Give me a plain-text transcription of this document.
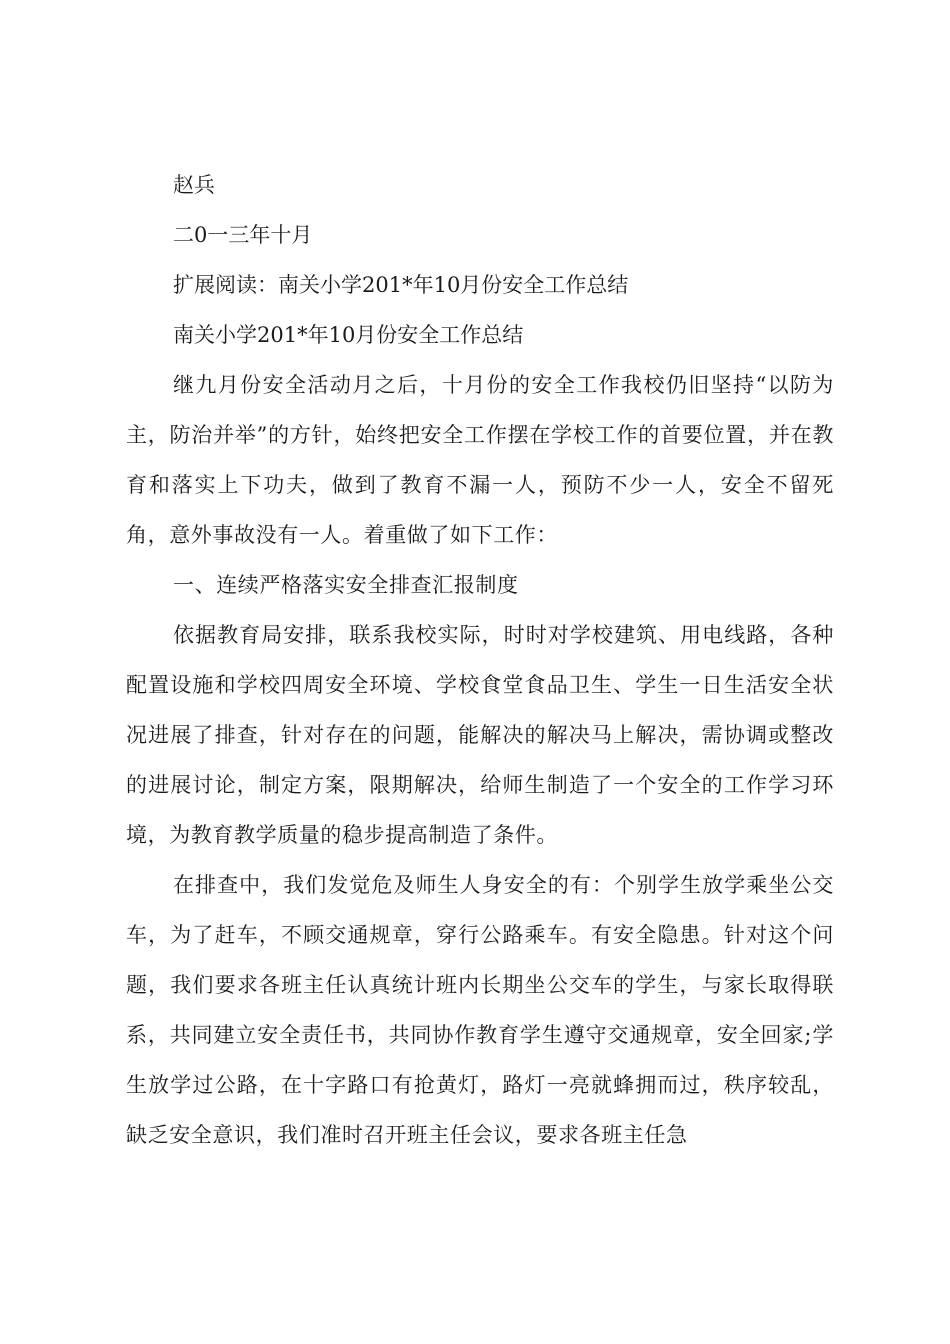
赵兵

二0一三年十月

扩展阅读：南关小学201*年10月份安全工作总结

南关小学201*年10月份安全工作总结

继九月份安全活动月之后，十月份的安全工作我校仍旧坚持“以防为主，防治并举”的方针，始终把安全工作摆在学校工作的首要位置，并在教育和落实上下功夫，做到了教育不漏一人，预防不少一人，安全不留死角，意外事故没有一人。着重做了如下工作：

一、连续严格落实安全排查汇报制度

依据教育局安排，联系我校实际，时时对学校建筑、用电线路，各种配置设施和学校四周安全环境、学校食堂食品卫生、学生一日生活安全状况进展了排查，针对存在的问题，能解决的解决马上解决，需协调或整改的进展讨论，制定方案，限期解决，给师生制造了一个安全的工作学习环境，为教育教学质量的稳步提高制造了条件。

在排查中，我们发觉危及师生人身安全的有：个别学生放学乘坐公交车，为了赶车，不顾交通规章，穿行公路乘车。有安全隐患。针对这个问题，我们要求各班主任认真统计班内长期坐公交车的学生，与家长取得联系，共同建立安全责任书，共同协作教育学生遵守交通规章，安全回家;学生放学过公路，在十字路口有抢黄灯，路灯一亮就蜂拥而过，秩序较乱，缺乏安全意识，我们准时召开班主任会议，要求各班主任急
